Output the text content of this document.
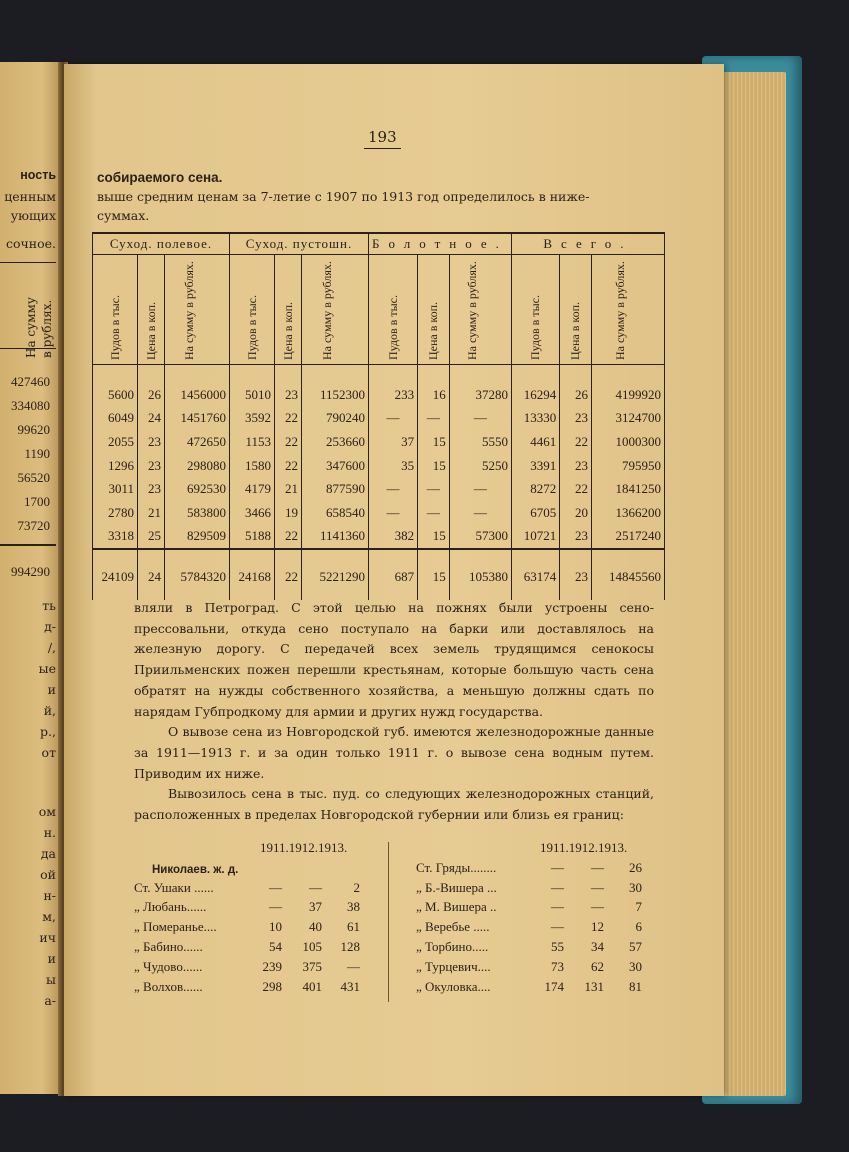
ность
ценным
ующих
сочное.
На сумму в рублях.
427460
334080
99620
1190
56520
1700
73720
994290
ть
д-
/,
ые
и
й,
р.,
от
ом
н.
да
ой
н-
м,
ич
и
ы
а-
193
собираемого сена.
выше средним ценам за 7-летие с 1907 по 1913 год определилось в ниже-
суммах.
Суход. полевое.			Суход. пустошн.			Болотное.			Всего.		

Пудов в тыс.	Цена в коп.	На сумму в рублях.	Пудов в тыс.	Цена в коп.	На сумму в рублях.	Пудов в тыс.	Цена в коп.	На сумму в рублях.	Пудов в тыс.	Цена в коп.	На сумму в рублях.

5600	26	1456000	5010	23	1152300	233	16	37280	16294	26	4199920
6049	24	1451760	3592	22	790240	—	—	—	13330	23	3124700
2055	23	472650	1153	22	253660	37	15	5550	4461	22	1000300
1296	23	298080	1580	22	347600	35	15	5250	3391	23	795950
3011	23	692530	4179	21	877590	—	—	—	8272	22	1841250
2780	21	583800	3466	19	658540	—	—	—	6705	20	1366200
3318	25	829509	5188	22	1141360	382	15	57300	10721	23	2517240
24109	24	5784320	24168	22	5221290	687	15	105380	63174	23	14845560

вляли в Петроград. С этой целью на пожнях были устроены сено-прессовальни, откуда сено поступало на барки или доставлялось на железную дорогу. С передачей всех земель трудящимся сенокосы Приильменских пожен перешли крестьянам, которые большую часть сена обратят на нужды собственного хозяйства, а меньшую должны сдать по нарядам Губпродкому для армии и других нужд государства.

О вывозе сена из Новгородской губ. имеются железнодорожные данные за 1911—1913 г. и за один только 1911 г. о вывозе сена водным путем. Приводим их ниже.

Вывозилось сена в тыс. пуд. со следующих железнодорожных станций, расположенных в пределах Новгородской губернии или близь ея границ:

1911.1912.1913.
Николаев. ж. д.
Ст. Ушаки ......	—	—	2
„ Любань......	—	37	38
„ Померанье....	10	40	61
„ Бабино......	54	105	128
„ Чудово......	239	375	—
„ Волхов......	298	401	431
1911.1912.1913.
Ст. Гряды........	—	—	26
„ Б.-Вишера ...	—	—	30
„ М. Вишера ..	—	—	7
„ Веребье .....	—	12	6
„ Торбино.....	55	34	57
„ Турцевич....	73	62	30
„ Окуловка....	174	131	81
